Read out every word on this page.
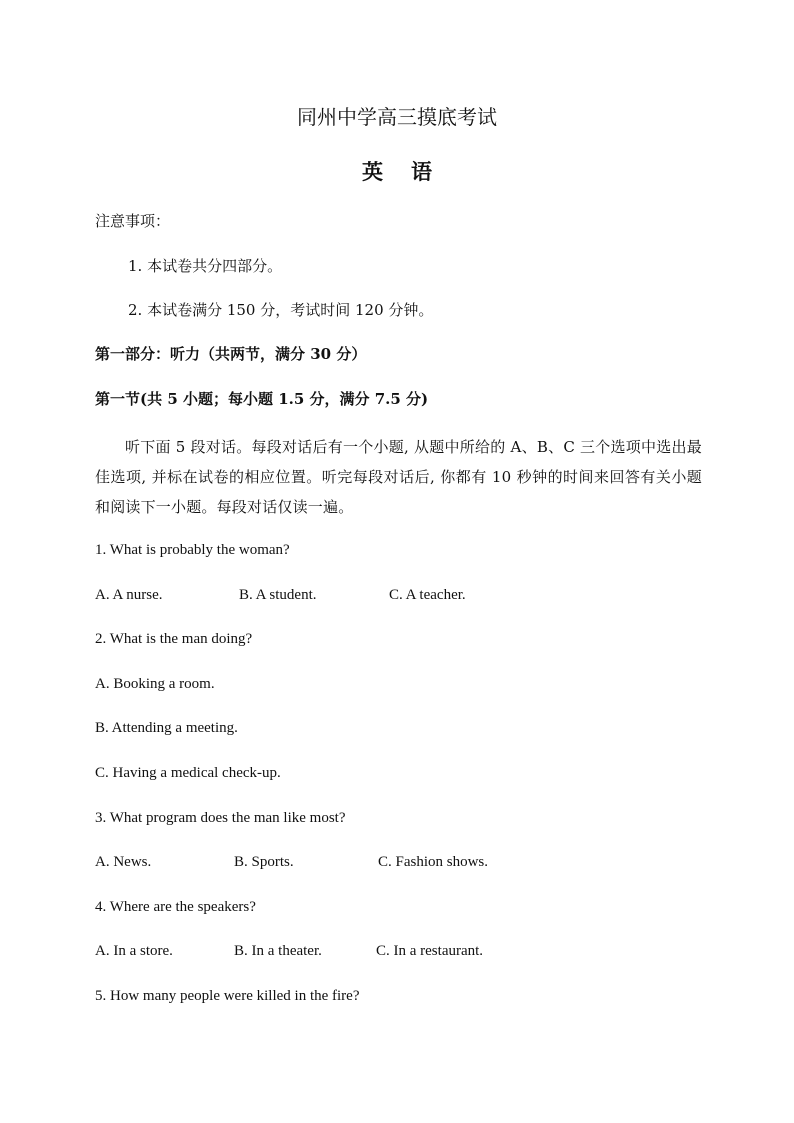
同州中学高三摸底考试
英语
注意事项：
1. 本试卷共分四部分。
2. 本试卷满分 150 分，考试时间 120 分钟。
第一部分：听力（共两节，满分 30 分）
第一节(共 5 小题；每小题 1.5 分，满分 7.5 分)
听下面 5 段对话。每段对话后有一个小题, 从题中所给的 A、B、C 三个选项中选出最佳选项, 并标在试卷的相应位置。听完每段对话后, 你都有 10 秒钟的时间来回答有关小题和阅读下一小题。每段对话仅读一遍。
1. What is probably the woman?
A. A nurse.	B. A student.	C. A teacher.
2. What is the man doing?
A. Booking a room.
B. Attending a meeting.
C. Having a medical check-up.
3. What program does the man like most?
A. News.	B. Sports.	C. Fashion shows.
4. Where are the speakers?
A. In a store.	B. In a theater.	C. In a restaurant.
5. How many people were killed in the fire?
